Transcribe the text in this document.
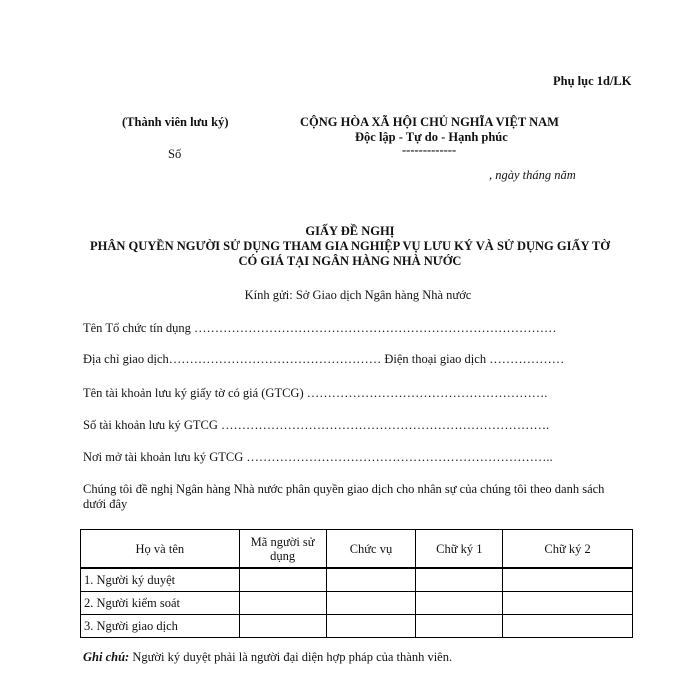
Phụ lục 1d/LK
(Thành viên lưu ký)
Số
CỘNG HÒA XÃ HỘI CHỦ NGHĨA VIỆT NAM
Độc lập - Tự do - Hạnh phúc
-------------
, ngày tháng năm
GIẤY ĐỀ NGHỊ
PHÂN QUYỀN NGƯỜI SỬ DỤNG THAM GIA NGHIỆP VỤ LƯU KÝ VÀ SỬ DỤNG GIẤY TỜ
CÓ GIÁ TẠI NGÂN HÀNG NHÀ NƯỚC
Kính gửi: Sở Giao dịch Ngân hàng Nhà nước
Tên Tổ chức tín dụng ……………………………………………………………………………
Địa chỉ giao dịch…………………………………………… Điện thoại giao dịch ………………
Tên tài khoản lưu ký giấy tờ có giá (GTCG) ………………………………………………….
Số tài khoản lưu ký GTCG …………………………………………………………………….
Nơi mở tài khoản lưu ký GTCG ………………………………………………………………..
Chúng tôi đề nghị Ngân hàng Nhà nước phân quyền giao dịch cho nhân sự của chúng tôi theo danh sách
dưới đây
Họ và tên	Mã người sử dụng	Chức vụ	Chữ ký 1	Chữ ký 2
1. Người ký duyệt				
2. Người kiểm soát				
3. Người giao dịch				
Ghi chú: Người ký duyệt phải là người đại diện hợp pháp của thành viên.
